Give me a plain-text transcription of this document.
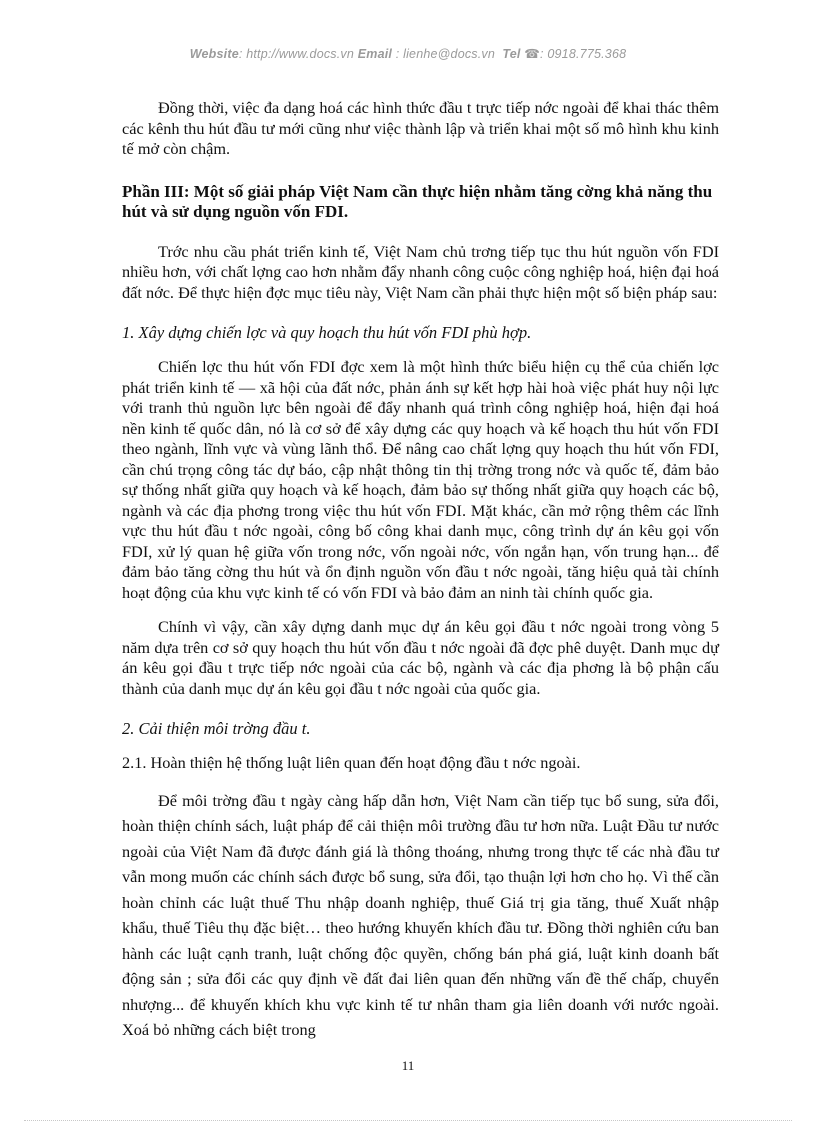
Website: http://www.docs.vn Email : lienhe@docs.vn Tel ☎: 0918.775.368

Đồng thời, việc đa dạng hoá các hình thức đầu t trực tiếp nớc ngoài để khai thác thêm các kênh thu hút đầu tư mới cũng như việc thành lập và triển khai một số mô hình khu kinh tế mở còn chậm.

Phần III: Một số giải pháp Việt Nam cần thực hiện nhằm tăng cờng khả năng thu hút và sử dụng nguồn vốn FDI.

Trớc nhu cầu phát triển kinh tế, Việt Nam chủ trơng tiếp tục thu hút nguồn vốn FDI nhiều hơn, với chất lợng cao hơn nhằm đẩy nhanh công cuộc công nghiệp hoá, hiện đại hoá đất nớc. Để thực hiện đợc mục tiêu này, Việt Nam cần phải thực hiện một số biện pháp sau:

1. Xây dựng chiến lợc và quy hoạch thu hút vốn FDI phù hợp.

Chiến lợc thu hút vốn FDI đợc xem là một hình thức biểu hiện cụ thể của chiến lợc phát triển kinh tế — xã hội của đất nớc, phản ánh sự kết hợp hài hoà việc phát huy nội lực với tranh thủ nguồn lực bên ngoài để đẩy nhanh quá trình công nghiệp hoá, hiện đại hoá nền kinh tế quốc dân, nó là cơ sở để xây dựng các quy hoạch và kế hoạch thu hút vốn FDI theo ngành, lĩnh vực và vùng lãnh thổ. Để nâng cao chất lợng quy hoạch thu hút vốn FDI, cần chú trọng công tác dự báo, cập nhật thông tin thị trờng trong nớc và quốc tế, đảm bảo sự thống nhất giữa quy hoạch và kế hoạch, đảm bảo sự thống nhất giữa quy hoạch các bộ, ngành và các địa phơng trong việc thu hút vốn FDI. Mặt khác, cần mở rộng thêm các lĩnh vực thu hút đầu t nớc ngoài, công bố công khai danh mục, công trình dự án kêu gọi vốn FDI, xử lý quan hệ giữa vốn trong nớc, vốn ngoài nớc, vốn ngắn hạn, vốn trung hạn... để đảm bảo tăng cờng thu hút và ổn định nguồn vốn đầu t nớc ngoài, tăng hiệu quả tài chính hoạt động của khu vực kinh tế có vốn FDI và bảo đảm an ninh tài chính quốc gia.

Chính vì vậy, cần xây dựng danh mục dự án kêu gọi đầu t nớc ngoài trong vòng 5 năm dựa trên cơ sở quy hoạch thu hút vốn đầu t nớc ngoài đã đợc phê duyệt. Danh mục dự án kêu gọi đầu t trực tiếp nớc ngoài của các bộ, ngành và các địa phơng là bộ phận cấu thành của danh mục dự án kêu gọi đầu t nớc ngoài của quốc gia.

2. Cải thiện môi trờng đầu t.

2.1. Hoàn thiện hệ thống luật liên quan đến hoạt động đầu t nớc ngoài.

Để môi trờng đầu t ngày càng hấp dẫn hơn, Việt Nam cần tiếp tục bổ sung, sửa đổi, hoàn thiện chính sách, luật pháp để cải thiện môi trường đầu tư hơn nữa. Luật Đầu tư nước ngoài của Việt Nam đã được đánh giá là thông thoáng, nhưng trong thực tế các nhà đầu tư vẫn mong muốn các chính sách được bổ sung, sửa đổi, tạo thuận lợi hơn cho họ. Vì thế cần hoàn chỉnh các luật thuế Thu nhập doanh nghiệp, thuế Giá trị gia tăng, thuế Xuất nhập khẩu, thuế Tiêu thụ đặc biệt… theo hướng khuyến khích đầu tư. Đồng thời nghiên cứu ban hành các luật cạnh tranh, luật chống độc quyền, chống bán phá giá, luật kinh doanh bất động sản ; sửa đổi các quy định về đất đai liên quan đến những vấn đề thế chấp, chuyển nhượng... để khuyến khích khu vực kinh tế tư nhân tham gia liên doanh với nước ngoài. Xoá bỏ những cách biệt trong

11
